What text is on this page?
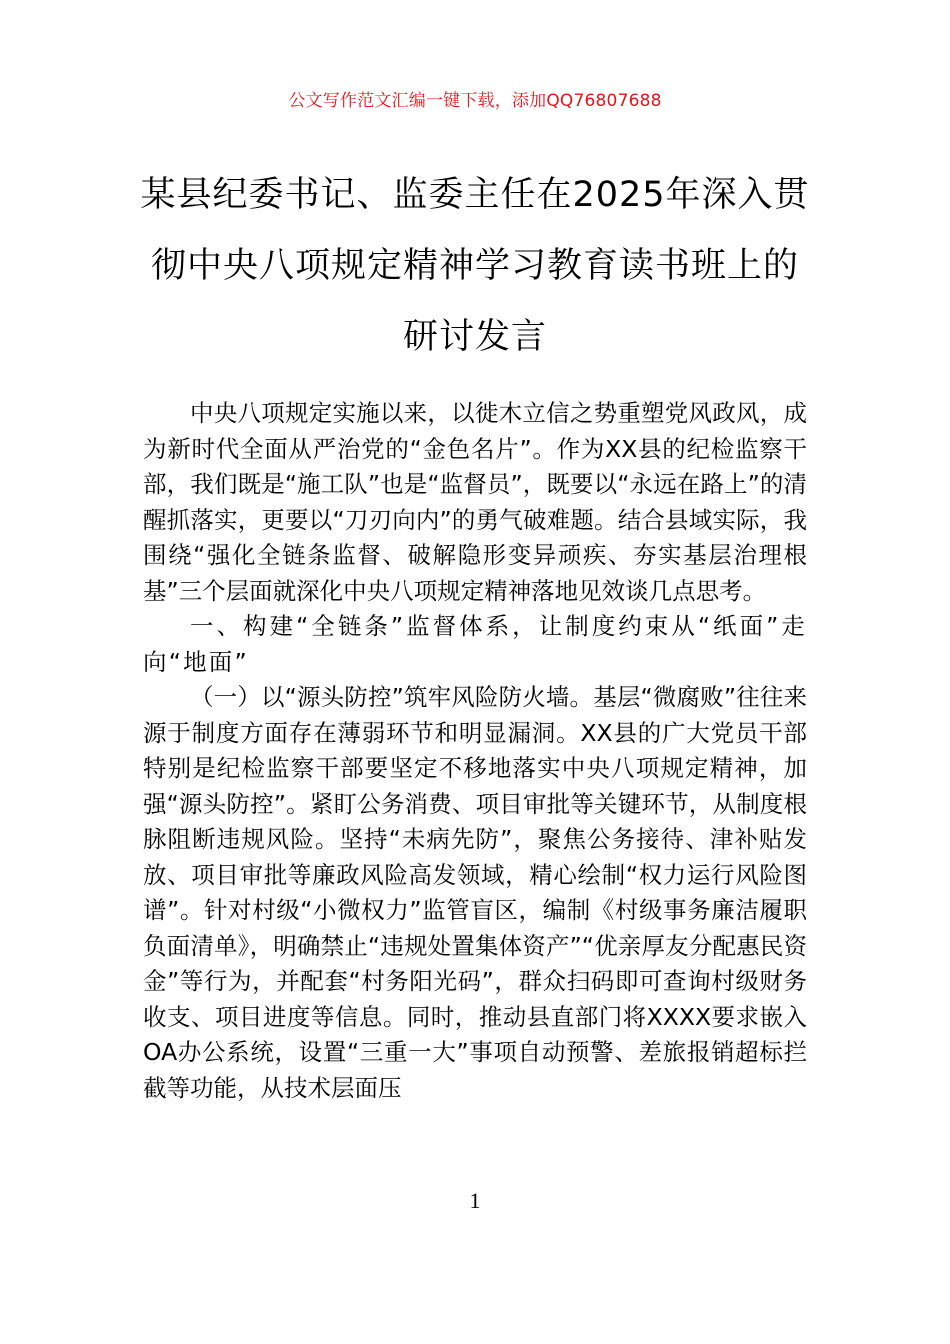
公文写作范文汇编一键下载，添加QQ76807688
某县纪委书记、监委主任在2025年深入贯彻中央八项规定精神学习教育读书班上的研讨发言

中央八项规定实施以来，以徙木立信之势重塑党风政风，成为新时代全面从严治党的“金色名片”。作为XX县的纪检监察干部，我们既是“施工队”也是“监督员”，既要以“永远在路上”的清醒抓落实，更要以“刀刃向内”的勇气破难题。结合县域实际，我围绕“强化全链条监督、破解隐形变异顽疾、夯实基层治理根基”三个层面就深化中央八项规定精神落地见效谈几点思考。

一、构建“全链条”监督体系，让制度约束从“纸面”走向“地面”

（一）以“源头防控”筑牢风险防火墙。基层“微腐败”往往来源于制度方面存在薄弱环节和明显漏洞。XX县的广大党员干部特别是纪检监察干部要坚定不移地落实中央八项规定精神，加强“源头防控”。紧盯公务消费、项目审批等关键环节，从制度根脉阻断违规风险。坚持“未病先防”，聚焦公务接待、津补贴发放、项目审批等廉政风险高发领域，精心绘制“权力运行风险图谱”。针对村级“小微权力”监管盲区，编制《村级事务廉洁履职负面清单》，明确禁止“违规处置集体资产”“优亲厚友分配惠民资金”等行为，并配套“村务阳光码”，群众扫码即可查询村级财务收支、项目进度等信息。同时，推动县直部门将XXXX要求嵌入OA办公系统，设置“三重一大”事项自动预警、差旅报销超标拦截等功能，从技术层面压

1
